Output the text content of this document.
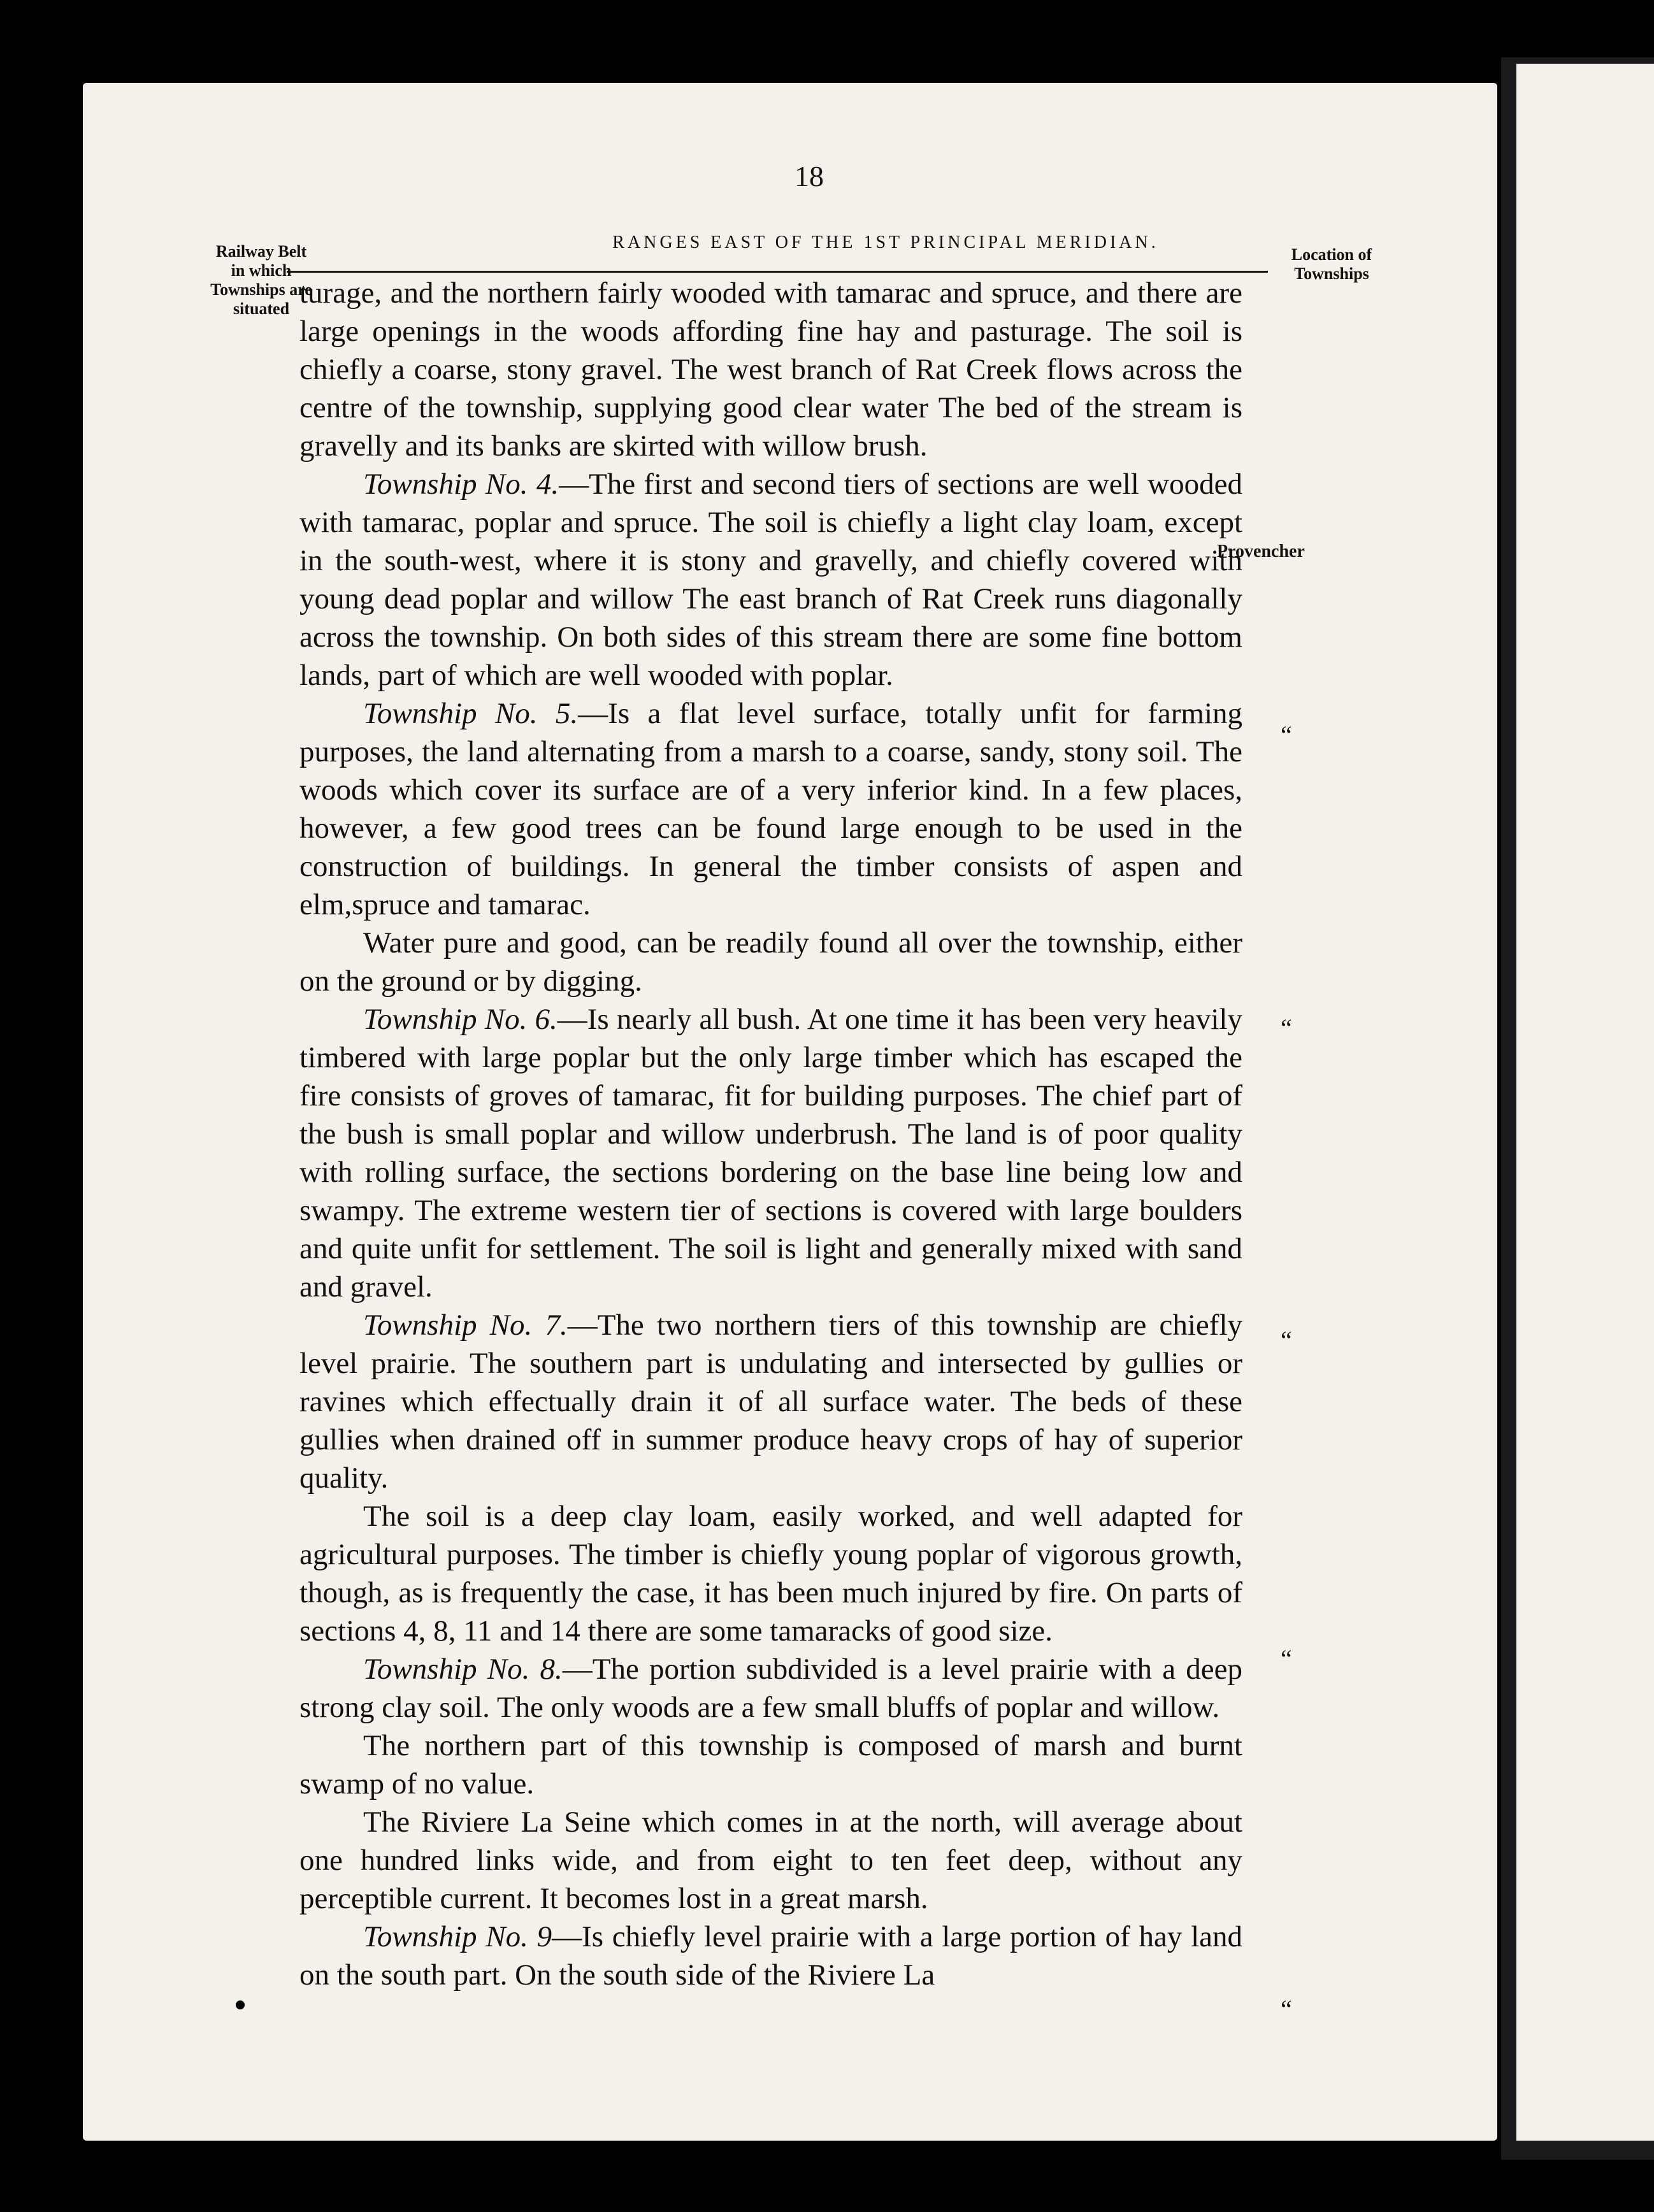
18
RANGES EAST OF THE 1ST PRINCIPAL MERIDIAN.
Railway Belt
in which
Townships are
situated
Location of
Townships
Provencher
“
“
“
“
“

turage, and the northern fairly wooded with tamarac and spruce, and there are large openings in the woods affording fine hay and pasturage. The soil is chiefly a coarse, stony gravel. The west branch of Rat Creek flows across the centre of the township, supplying good clear water The bed of the stream is gravelly and its banks are skirted with willow brush.

Township No. 4.—The first and second tiers of sections are well wooded with tamarac, poplar and spruce. The soil is chiefly a light clay loam, except in the south-west, where it is stony and gravelly, and chiefly covered with young dead poplar and willow The east branch of Rat Creek runs diagonally across the township. On both sides of this stream there are some fine bottom lands, part of which are well wooded with poplar.

Township No. 5.—Is a flat level surface, totally unfit for farming purposes, the land alternating from a marsh to a coarse, sandy, stony soil. The woods which cover its surface are of a very inferior kind. In a few places, however, a few good trees can be found large enough to be used in the construction of buildings. In general the timber consists of aspen and elm,spruce and tamarac.

Water pure and good, can be readily found all over the township, either on the ground or by digging.

Township No. 6.—Is nearly all bush. At one time it has been very heavily timbered with large poplar but the only large timber which has escaped the fire consists of groves of tamarac, fit for building purposes. The chief part of the bush is small poplar and willow underbrush. The land is of poor quality with rolling surface, the sections bordering on the base line being low and swampy. The extreme western tier of sections is covered with large boulders and quite unfit for settlement. The soil is light and generally mixed with sand and gravel.

Township No. 7.—The two northern tiers of this township are chiefly level prairie. The southern part is undulating and intersected by gullies or ravines which effectually drain it of all surface water. The beds of these gullies when drained off in summer produce heavy crops of hay of superior quality.

The soil is a deep clay loam, easily worked, and well adapted for agricultural purposes. The timber is chiefly young poplar of vigorous growth, though, as is frequently the case, it has been much injured by fire. On parts of sections 4, 8, 11 and 14 there are some tamaracks of good size.

Township No. 8.—The portion subdivided is a level prairie with a deep strong clay soil. The only woods are a few small bluffs of poplar and willow.

The northern part of this township is composed of marsh and burnt swamp of no value.

The Riviere La Seine which comes in at the north, will average about one hundred links wide, and from eight to ten feet deep, without any perceptible current. It becomes lost in a great marsh.

Township No. 9—Is chiefly level prairie with a large portion of hay land on the south part. On the south side of the Riviere La
